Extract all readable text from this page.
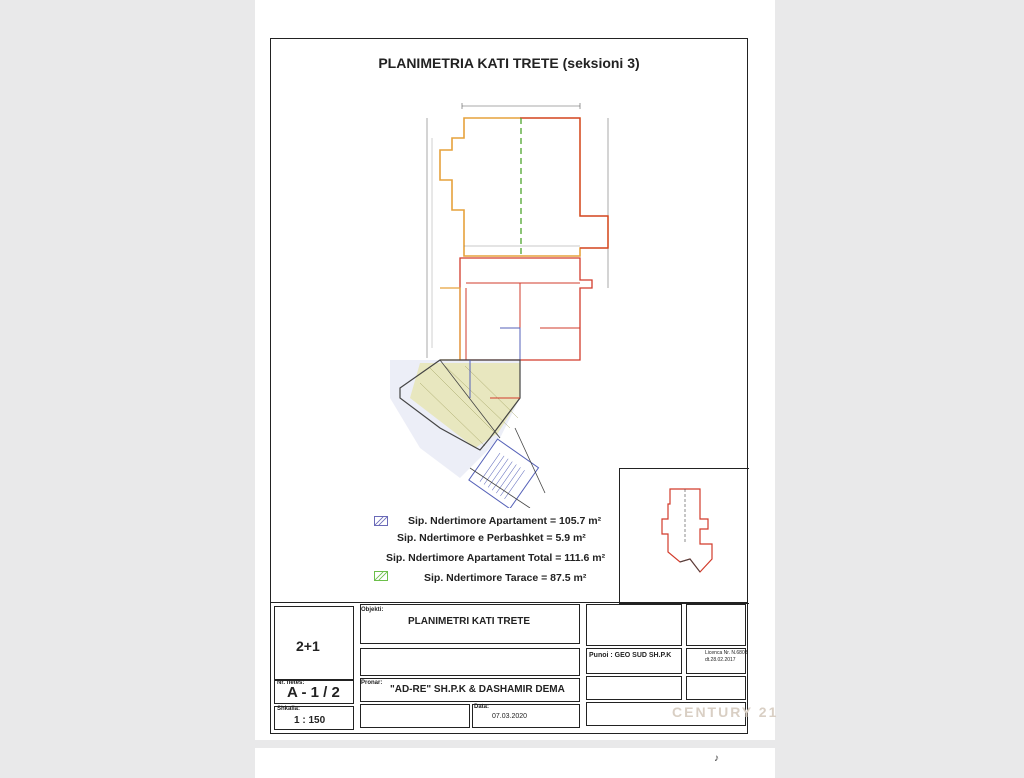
PLANIMETRIA KATI TRETE (seksioni 3)
Sip. Ndertimore Apartament = 105.7 m²
Sip. Ndertimore e Perbashket = 5.9 m²
Sip. Ndertimore Apartament Total = 111.6 m²
Sip. Ndertimore Tarace = 87.5 m²
2+1
Nr. fletës:
A - 1 / 2
Shkalla:
1 : 150
Objekti:
PLANIMETRI KATI TRETE
Pronar:
"AD-RE" SH.P.K & DASHAMIR DEMA
Data:
07.03.2020
Punoi : GEO SUD SH.P.K	Licenca Nr. N.6808
dt.28.02.2017
CENTURY 21
♪
